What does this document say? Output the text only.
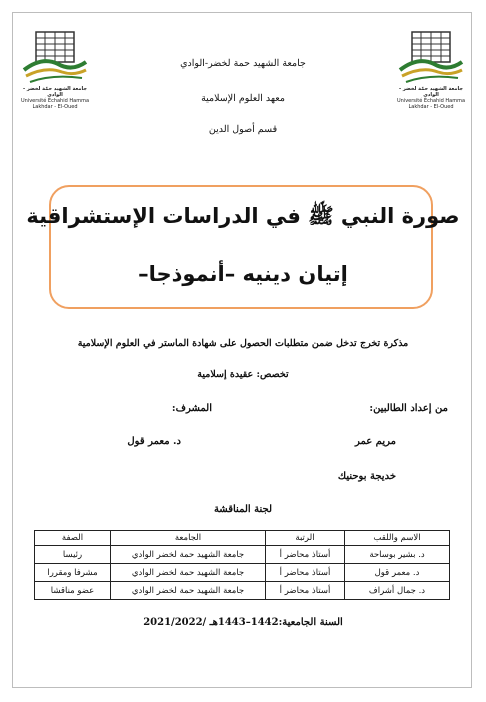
جامعة الشهيد حمّة لخضر - الوادي
Université Echahid Hamma Lakhdar - El-Oued
جامعة الشهيد حمّة لخضر - الوادي
Université Echahid Hamma Lakhdar - El-Oued
جامعة الشهيد حمة لخضر-الوادي
معهد العلوم الإسلامية
قسم أصول الدين
صورة النبي ﷺ في الدراسات الإستشراقية
إتيان دينيه –أنموذجا–
مذكرة تخرج تدخل ضمن متطلبات الحصول على شهادة الماستر في العلوم الإسلامية
تخصص: عقيدة إسلامية
من إعداد الطالبين:
المشرف:
مريم عمر
د. معمر قول
خديجة بوحنيك
لجنة المناقشة
الاسم واللقب	الرتبة	الجامعة	الصفة
د. بشير بوساحة	أستاذ محاضر أ	جامعة الشهيد حمة لخضر الوادي	رئيسا
د. معمر قول	أستاذ محاضر أ	جامعة الشهيد حمة لخضر الوادي	مشرفا ومقررا
د. جمال أشراف	أستاذ محاضر أ	جامعة الشهيد حمة لخضر الوادي	عضو مناقشا
السنة الجامعية:1442–1443هـ /2021/2022
